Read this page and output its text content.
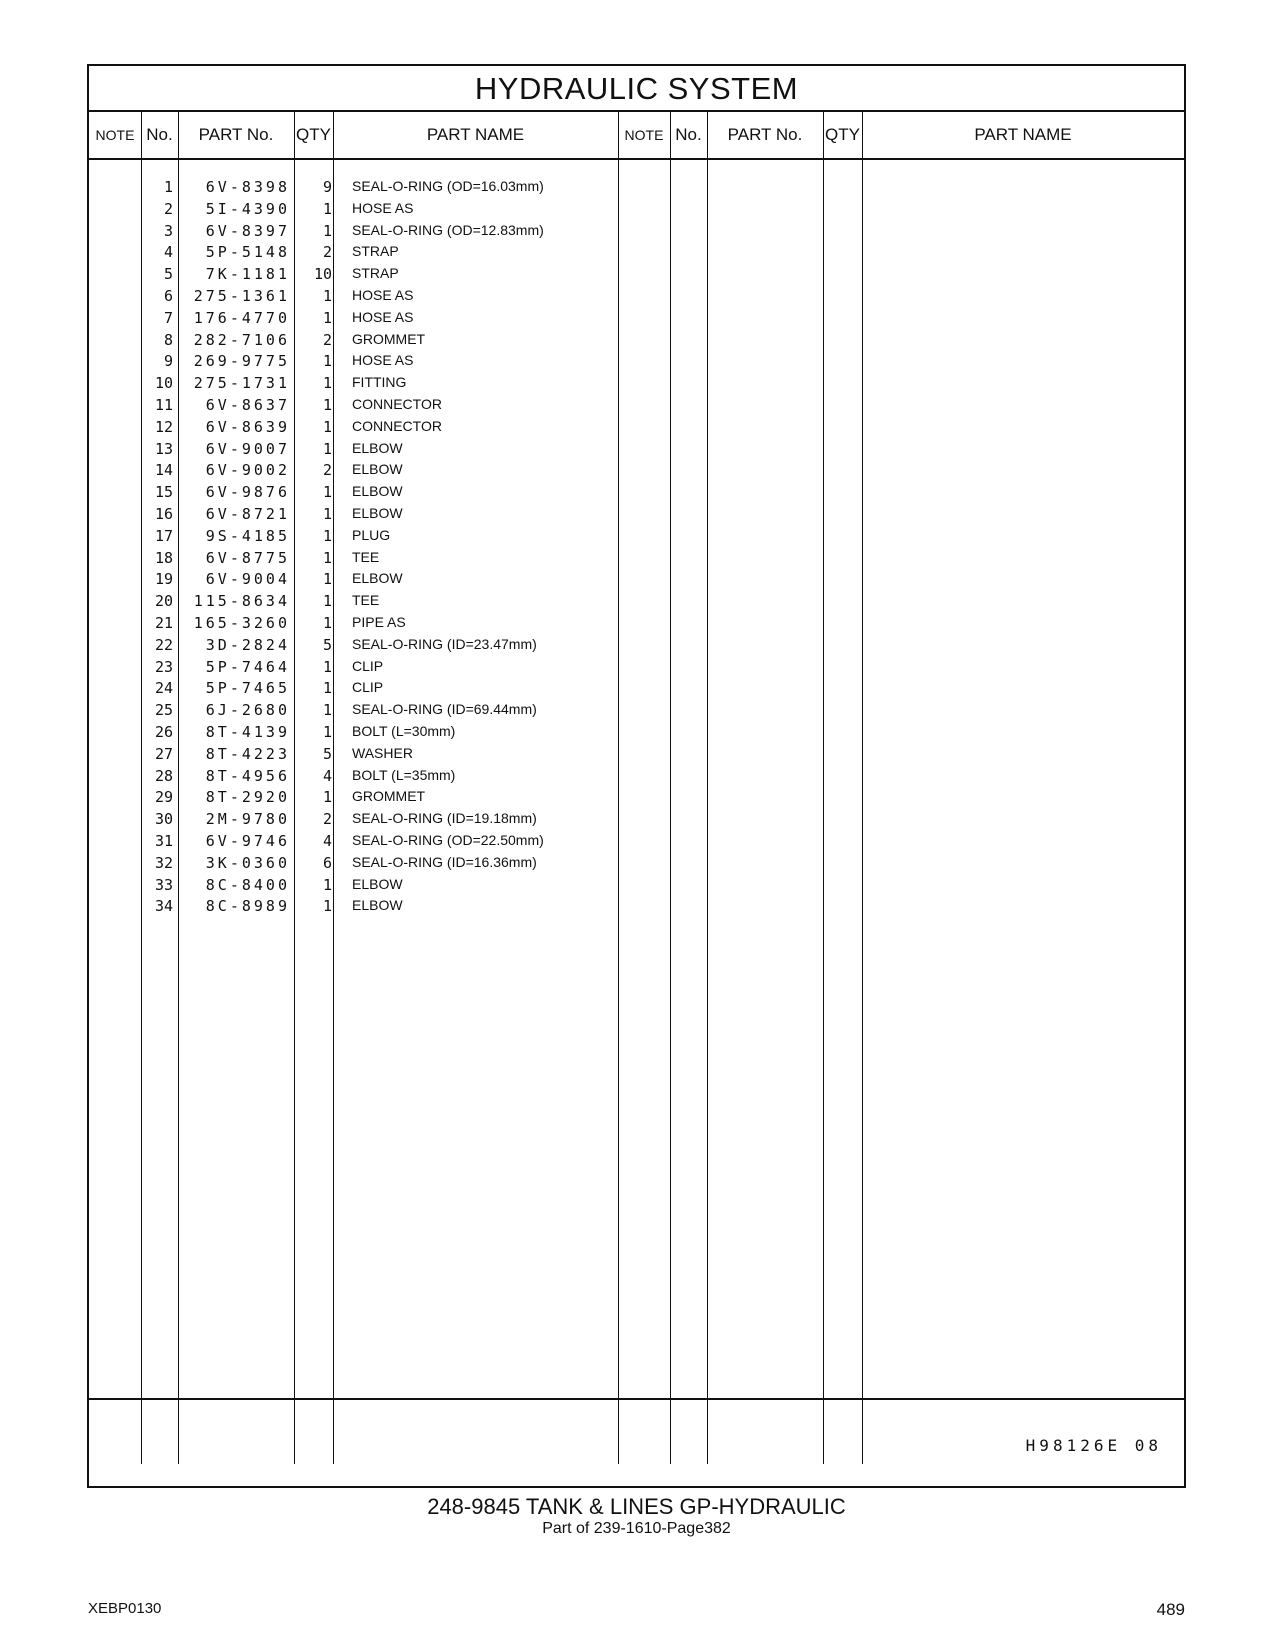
HYDRAULIC SYSTEM
NOTE No.	PART No.	QTY	PART NAME	NOTE No.	PART No.	QTY	PART NAME
1	6V-8398	9 SEAL-O-RING (OD=16.03mm)
2	5I-4390	1 HOSE AS
3	6V-8397	1 SEAL-O-RING (OD=12.83mm)
4	5P-5148	2 STRAP
5	7K-1181	10 STRAP
6	275-1361	1 HOSE AS
7	176-4770	1 HOSE AS
8	282-7106	2 GROMMET
9	269-9775	1 HOSE AS
10	275-1731	1 FITTING
11	6V-8637	1 CONNECTOR
12	6V-8639	1 CONNECTOR
13	6V-9007	1 ELBOW
14	6V-9002	2 ELBOW
15	6V-9876	1 ELBOW
16	6V-8721	1 ELBOW
17	9S-4185	1 PLUG
18	6V-8775	1 TEE
19	6V-9004	1 ELBOW
20	115-8634	1 TEE
21	165-3260	1 PIPE AS
22	3D-2824	5 SEAL-O-RING (ID=23.47mm)
23	5P-7464	1 CLIP
24	5P-7465	1 CLIP
25	6J-2680	1 SEAL-O-RING (ID=69.44mm)
26	8T-4139	1 BOLT (L=30mm)
27	8T-4223	5 WASHER
28	8T-4956	4 BOLT (L=35mm)
29	8T-2920	1 GROMMET
30	2M-9780	2 SEAL-O-RING (ID=19.18mm)
31	6V-9746	4 SEAL-O-RING (OD=22.50mm)
32	3K-0360	6 SEAL-O-RING (ID=16.36mm)
33	8C-8400	1 ELBOW
34	8C-8989	1 ELBOW
H98126E 08
248-9845 TANK & LINES GP-HYDRAULIC
Part of 239-1610-Page382
XEBP0130	489
